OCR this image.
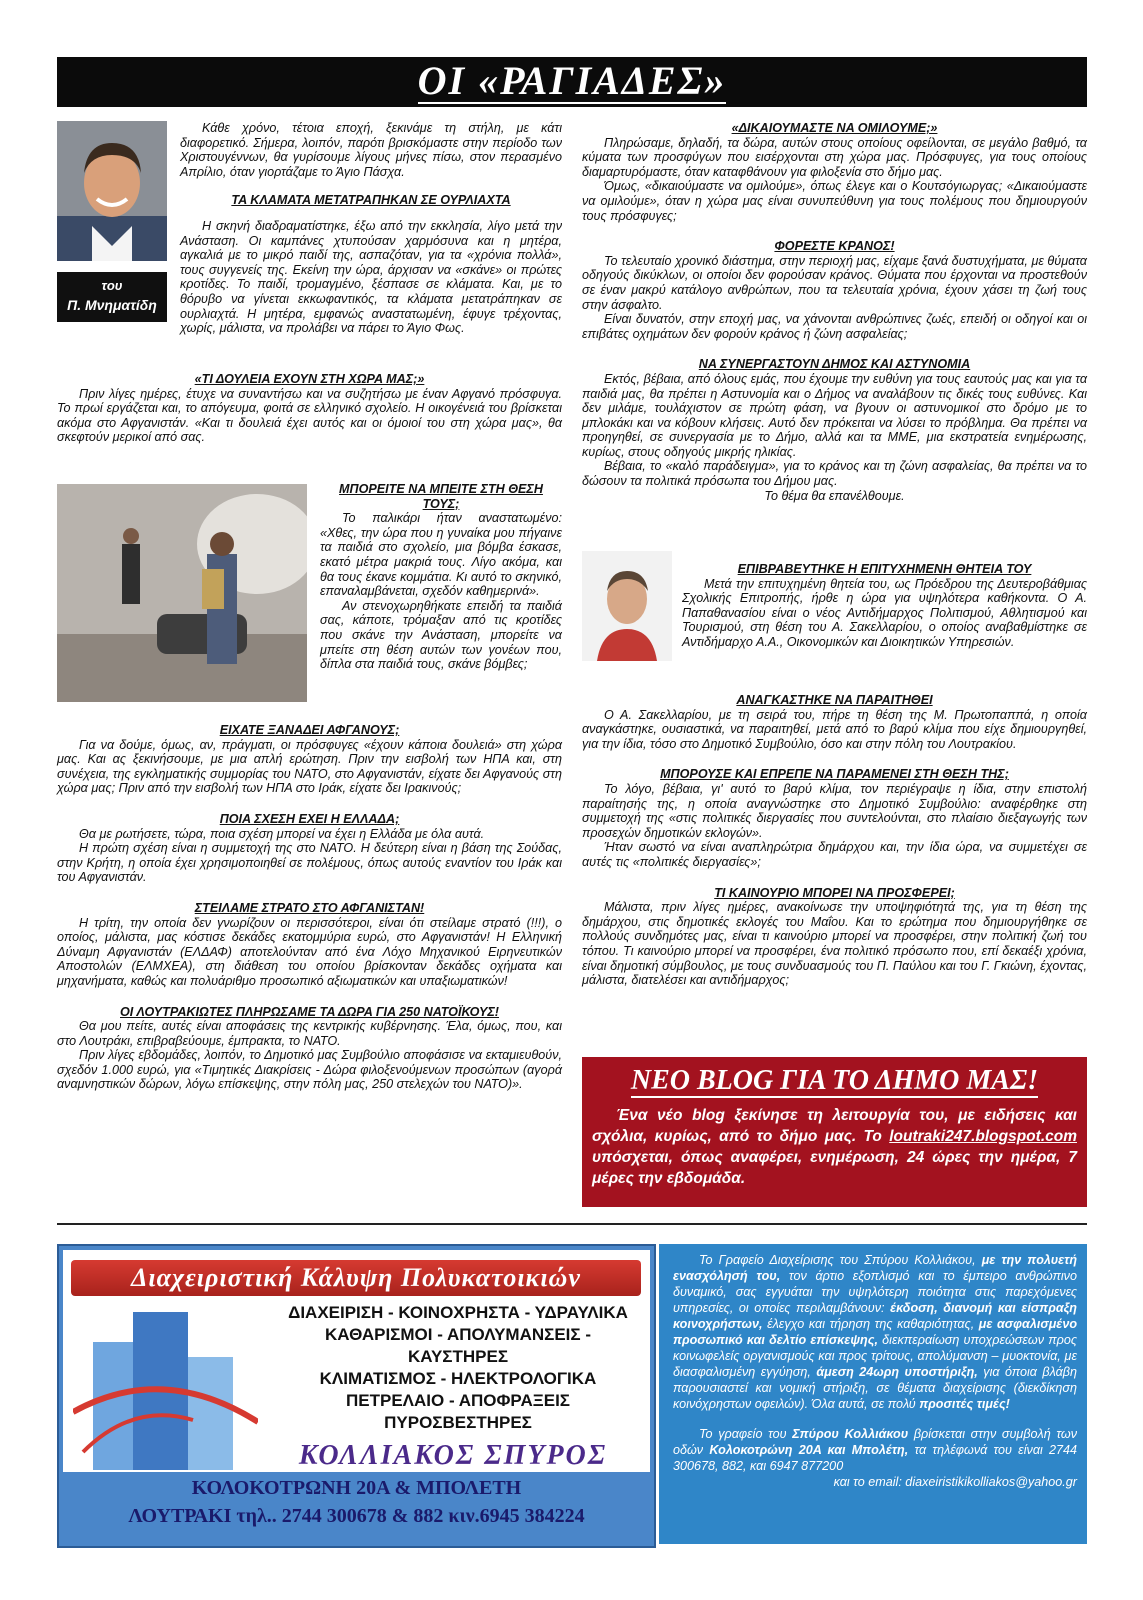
ΟΙ «ΡΑΓΙΑΔΕΣ»
του
Π. Μνηματίδη

Κάθε χρόνο, τέτοια εποχή, ξεκινάμε τη στήλη, με κάτι διαφορετικό. Σήμερα, λοιπόν, παρότι βρισκόμαστε στην περίοδο των Χριστουγέννων, θα γυρίσουμε λίγους μήνες πίσω, στον περασμένο Απρίλιο, όταν γιορτάζαμε το Άγιο Πάσχα.

ΤΑ ΚΛΑΜΑΤΑ ΜΕΤΑΤΡΑΠΗΚΑΝ ΣΕ ΟΥΡΛΙΑΧΤΑ

Η σκηνή διαδραματίστηκε, έξω από την εκκλησία, λίγο μετά την Ανάσταση. Οι καμπάνες χτυπούσαν χαρμόσυνα και η μητέρα, αγκαλιά με το μικρό παιδί της, ασπαζόταν, για τα «χρόνια πολλά», τους συγγενείς της. Εκείνη την ώρα, άρχισαν να «σκάνε» οι πρώτες κροτίδες. Το παιδί, τρομαγμένο, ξέσπασε σε κλάματα. Και, με το θόρυβο να γίνεται εκκωφαντικός, τα κλάματα μετατράπηκαν σε ουρλιαχτά. Η μητέρα, εμφανώς αναστατωμένη, έφυγε τρέχοντας, χωρίς, μάλιστα, να προλάβει να πάρει το Άγιο Φως.

«ΤΙ ΔΟΥΛΕΙΑ ΕΧΟΥΝ ΣΤΗ ΧΩΡΑ ΜΑΣ;»

Πριν λίγες ημέρες, έτυχε να συναντήσω και να συζητήσω με έναν Αφγανό πρόσφυγα. Το πρωί εργάζεται και, το απόγευμα, φοιτά σε ελληνικό σχολείο. Η οικογένειά του βρίσκεται ακόμα στο Αφγανιστάν. «Και τι δουλειά έχει αυτός και οι όμοιοί του στη χώρα μας», θα σκεφτούν μερικοί από σας.

ΜΠΟΡΕΙΤΕ ΝΑ ΜΠΕΙΤΕ ΣΤΗ ΘΕΣΗ ΤΟΥΣ;

Το παλικάρι ήταν αναστατωμένο: «Χθες, την ώρα που η γυναίκα μου πήγαινε τα παιδιά στο σχολείο, μια βόμβα έσκασε, εκατό μέτρα μακριά τους. Λίγο ακόμα, και θα τους έκανε κομμάτια. Κι αυτό το σκηνικό, επαναλαμβάνεται, σχεδόν καθημερινά».

Αν στενοχωρηθήκατε επειδή τα παιδιά σας, κάποτε, τρόμαξαν από τις κροτίδες που σκάνε την Ανάσταση, μπορείτε να μπείτε στη θέση αυτών των γονέων που, δίπλα στα παιδιά τους, σκάνε βόμβες;

ΕΙΧΑΤΕ ΞΑΝΑΔΕΙ ΑΦΓΑΝΟΥΣ;

Για να δούμε, όμως, αν, πράγματι, οι πρόσφυγες «έχουν κάποια δουλειά» στη χώρα μας. Και ας ξεκινήσουμε, με μια απλή ερώτηση. Πριν την εισβολή των ΗΠΑ και, στη συνέχεια, της εγκληματικής συμμορίας του ΝΑΤΟ, στο Αφγανιστάν, είχατε δει Αφγανούς στη χώρα μας; Πριν από την εισβολή των ΗΠΑ στο Ιράκ, είχατε δει Ιρακινούς;

ΠΟΙΑ ΣΧΕΣΗ ΕΧΕΙ Η ΕΛΛΑΔΑ;

Θα με ρωτήσετε, τώρα, ποια σχέση μπορεί να έχει η Ελλάδα με όλα αυτά.

Η πρώτη σχέση είναι η συμμετοχή της στο ΝΑΤΟ. Η δεύτερη είναι η βάση της Σούδας, στην Κρήτη, η οποία έχει χρησιμοποιηθεί σε πολέμους, όπως αυτούς εναντίον του Ιράκ και του Αφγανιστάν.

ΣΤΕΙΛΑΜΕ ΣΤΡΑΤΟ ΣΤΟ ΑΦΓΑΝΙΣΤΑΝ!

Η τρίτη, την οποία δεν γνωρίζουν οι περισσότεροι, είναι ότι στείλαμε στρατό (!!!), ο οποίος, μάλιστα, μας κόστισε δεκάδες εκατομμύρια ευρώ, στο Αφγανιστάν! Η Ελληνική Δύναμη Αφγανιστάν (ΕΛΔΑΦ) αποτελούνταν από ένα Λόχο Μηχανικού Ειρηνευτικών Αποστολών (ΕΛΜΧΕΑ), στη διάθεση του οποίου βρίσκονταν δεκάδες οχήματα και μηχανήματα, καθώς και πολυάριθμο προσωπικό αξιωματικών και υπαξιωματικών!

ΟΙ ΛΟΥΤΡΑΚΙΩΤΕΣ ΠΛΗΡΩΣΑΜΕ ΤΑ ΔΩΡΑ ΓΙΑ 250 ΝΑΤΟΪΚΟΥΣ!

Θα μου πείτε, αυτές είναι αποφάσεις της κεντρικής κυβέρνησης. Έλα, όμως, που, και στο Λουτράκι, επιβραβεύουμε, έμπρακτα, το ΝΑΤΟ.

Πριν λίγες εβδομάδες, λοιπόν, το Δημοτικό μας Συμβούλιο αποφάσισε να εκταμιευθούν, σχεδόν 1.000 ευρώ, για «Τιμητικές Διακρίσεις - Δώρα φιλοξενούμενων προσώπων (αγορά αναμνηστικών δώρων, λόγω επίσκεψης, στην πόλη μας, 250 στελεχών του ΝΑΤΟ)».

«ΔΙΚΑΙΟΥΜΑΣΤΕ ΝΑ ΟΜΙΛΟΥΜΕ;»

Πληρώσαμε, δηλαδή, τα δώρα, αυτών στους οποίους οφείλονται, σε μεγάλο βαθμό, τα κύματα των προσφύγων που εισέρχονται στη χώρα μας. Πρόσφυγες, για τους οποίους διαμαρτυρόμαστε, όταν καταφθάνουν για φιλοξενία στο δήμο μας.

Όμως, «δικαιούμαστε να ομιλούμε», όπως έλεγε και ο Κουτσόγιωργας; «Δικαιούμαστε να ομιλούμε», όταν η χώρα μας είναι συνυπεύθυνη για τους πολέμους που δημιουργούν τους πρόσφυγες;

ΦΟΡΕΣΤΕ ΚΡΑΝΟΣ!

Το τελευταίο χρονικό διάστημα, στην περιοχή μας, είχαμε ξανά δυστυχήματα, με θύματα οδηγούς δικύκλων, οι οποίοι δεν φορούσαν κράνος. Θύματα που έρχονται να προστεθούν σε έναν μακρύ κατάλογο ανθρώπων, που τα τελευταία χρόνια, έχουν χάσει τη ζωή τους στην άσφαλτο.

Είναι δυνατόν, στην εποχή μας, να χάνονται ανθρώπινες ζωές, επειδή οι οδηγοί και οι επιβάτες οχημάτων δεν φορούν κράνος ή ζώνη ασφαλείας;

ΝΑ ΣΥΝΕΡΓΑΣΤΟΥΝ ΔΗΜΟΣ ΚΑΙ ΑΣΤΥΝΟΜΙΑ

Εκτός, βέβαια, από όλους εμάς, που έχουμε την ευθύνη για τους εαυτούς μας και για τα παιδιά μας, θα πρέπει η Αστυνομία και ο Δήμος να αναλάβουν τις δικές τους ευθύνες. Και δεν μιλάμε, τουλάχιστον σε πρώτη φάση, να βγουν οι αστυνομικοί στο δρόμο με το μπλοκάκι και να κόβουν κλήσεις. Αυτό δεν πρόκειται να λύσει το πρόβλημα. Θα πρέπει να προηγηθεί, σε συνεργασία με το Δήμο, αλλά και τα ΜΜΕ, μια εκστρατεία ενημέρωσης, κυρίως, στους οδηγούς μικρής ηλικίας.

Βέβαια, το «καλό παράδειγμα», για το κράνος και τη ζώνη ασφαλείας, θα πρέπει να το δώσουν τα πολιτικά πρόσωπα του Δήμου μας.

Το θέμα θα επανέλθουμε.

ΕΠΙΒΡΑΒΕΥΤΗΚΕ Η ΕΠΙΤΥΧΗΜΕΝΗ ΘΗΤΕΙΑ ΤΟΥ

Μετά την επιτυχημένη θητεία του, ως Πρόεδρου της Δευτεροβάθμιας Σχολικής Επιτροπής, ήρθε η ώρα για υψηλότερα καθήκοντα. Ο Α. Παπαθανασίου είναι ο νέος Αντιδήμαρχος Πολιτισμού, Αθλητισμού και Τουρισμού, στη θέση του Α. Σακελλαρίου, ο οποίος αναβαθμίστηκε σε Αντιδήμαρχο Α.Α., Οικονομικών και Διοικητικών Υπηρεσιών.

ΑΝΑΓΚΑΣΤΗΚΕ ΝΑ ΠΑΡΑΙΤΗΘΕΙ

Ο Α. Σακελλαρίου, με τη σειρά του, πήρε τη θέση της Μ. Πρωτοπαππά, η οποία αναγκάστηκε, ουσιαστικά, να παραιτηθεί, μετά από το βαρύ κλίμα που είχε δημιουργηθεί, για την ίδια, τόσο στο Δημοτικό Συμβούλιο, όσο και στην πόλη του Λουτρακίου.

ΜΠΟΡΟΥΣΕ ΚΑΙ ΕΠΡΕΠΕ ΝΑ ΠΑΡΑΜΕΝΕΙ ΣΤΗ ΘΕΣΗ ΤΗΣ;

Το λόγο, βέβαια, γι' αυτό το βαρύ κλίμα, τον περιέγραψε η ίδια, στην επιστολή παραίτησής της, η οποία αναγνώστηκε στο Δημοτικό Συμβούλιο: αναφέρθηκε στη συμμετοχή της «στις πολιτικές διεργασίες που συντελούνται, στο πλαίσιο διεξαγωγής των προσεχών δημοτικών εκλογών».

Ήταν σωστό να είναι αναπληρώτρια δημάρχου και, την ίδια ώρα, να συμμετέχει σε αυτές τις «πολιτικές διεργασίες»;

ΤΙ ΚΑΙΝΟΥΡΙΟ ΜΠΟΡΕΙ ΝΑ ΠΡΟΣΦΕΡΕΙ;

Μάλιστα, πριν λίγες ημέρες, ανακοίνωσε την υποψηφιότητά της, για τη θέση της δημάρχου, στις δημοτικές εκλογές του Μαΐου. Και το ερώτημα που δημιουργήθηκε σε πολλούς συνδημότες μας, είναι τι καινούριο μπορεί να προσφέρει, στην πολιτική ζωή του τόπου. Τι καινούριο μπορεί να προσφέρει, ένα πολιτικό πρόσωπο που, επί δεκαέξι χρόνια, είναι δημοτική σύμβουλος, με τους συνδυασμούς του Π. Παύλου και του Γ. Γκιώνη, έχοντας, μάλιστα, διατελέσει και αντιδήμαρχος;

ΝΕΟ BLOG ΓΙΑ ΤΟ ΔΗΜΟ ΜΑΣ!

Ένα νέο blog ξεκίνησε τη λειτουργία του, με ειδήσεις και σχόλια, κυρίως, από το δήμο μας. Το loutraki247.blogspot.com υπόσχεται, όπως αναφέρει, ενημέρωση, 24 ώρες την ημέρα, 7 μέρες την εβδομάδα.

Διαχειριστική Κάλυψη Πολυκατοικιών
ΔΙΑΧΕΙΡΙΣΗ - ΚΟΙΝΟΧΡΗΣΤΑ - ΥΔΡΑΥΛΙΚΑ
ΚΑΘΑΡΙΣΜΟΙ - ΑΠΟΛΥΜΑΝΣΕΙΣ - ΚΑΥΣΤΗΡΕΣ
ΚΛΙΜΑΤΙΣΜΟΣ - ΗΛΕΚΤΡΟΛΟΓΙΚΑ
ΠΕΤΡΕΛΑΙΟ - ΑΠΟΦΡΑΞΕΙΣ
ΠΥΡΟΣΒΕΣΤΗΡΕΣ
ΚΟΛΛΙΑΚΟΣ ΣΠΥΡΟΣ
ΚΟΛΟΚΟΤΡΩΝΗ 20Α & ΜΠΟΛΕΤΗ
ΛΟΥΤΡΑΚΙ τηλ.. 2744 300678 & 882 κιν.6945 384224

Το Γραφείο Διαχείρισης του Σπύρου Κολλιάκου, με την πολυετή ενασχόλησή του, τον άρτιο εξοπλισμό και το έμπειρο ανθρώπινο δυναμικό, σας εγγυάται την υψηλότερη ποιότητα στις παρεχόμενες υπηρεσίες, οι οποίες περιλαμβάνουν: έκδοση, διανομή και είσπραξη κοινοχρήστων, έλεγχο και τήρηση της καθαριότητας, με ασφαλισμένο προσωπικό και δελτίο επίσκεψης, διεκπεραίωση υποχρεώσεων προς κοινωφελείς οργανισμούς και προς τρίτους, απολύμανση – μυοκτονία, με διασφαλισμένη εγγύηση, άμεση 24ωρη υποστήριξη, για όποια βλάβη παρουσιαστεί και νομική στήριξη, σε θέματα διαχείρισης (διεκδίκηση κοινόχρηστων οφειλών). Όλα αυτά, σε πολύ προσιτές τιμές!

Το γραφείο του Σπύρου Κολλιάκου βρίσκεται στην συμβολή των οδών Κολοκοτρώνη 20Α και Μπολέτη, τα τηλέφωνά του είναι 2744 300678, 882, και 6947 877200

και το email: diaxeiristikikolliakos@yahoo.gr
